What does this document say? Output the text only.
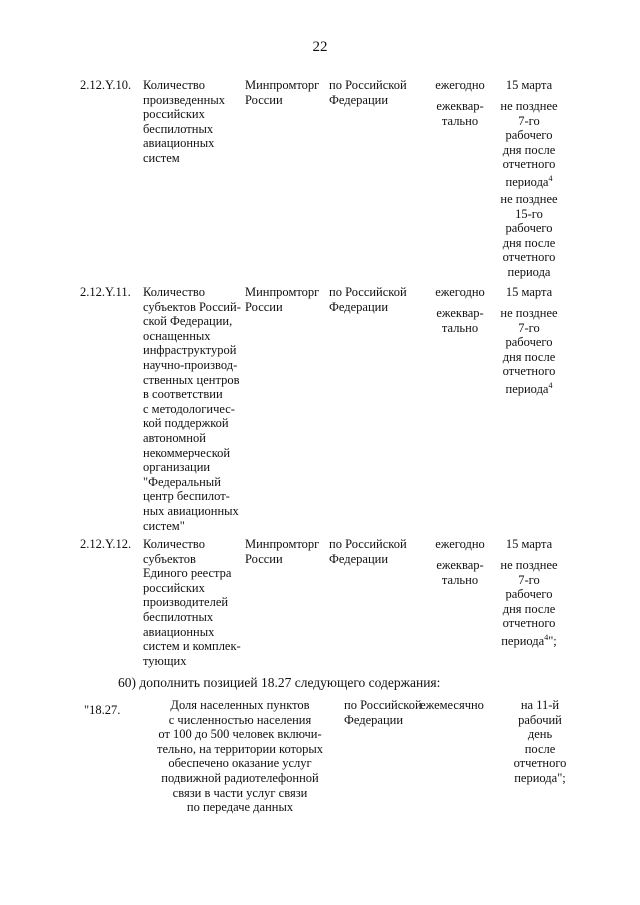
22
2.12.Y.10. Количество
произведенных
российских
беспилотных
авиационных
систем
Минпромторг
России
по Российской
Федерации
ежегодно
ежеквар-
тально
15 марта
не позднее
7-го
рабочего
дня после
отчетного
периода$^4$
не позднее
15-го
рабочего
дня после
отчетного
периода
2.12.Y.11. Количество
субъектов Россий-
ской Федерации,
оснащенных
инфраструктурой
научно-производ-
ственных центров
в соответствии
с методологичес-
кой поддержкой
автономной
некоммерческой
организации
"Федеральный
центр беспилот-
ных авиационных
систем"
Минпромторг
России
по Российской
Федерации
ежегодно
ежеквар-
тально
15 марта
не позднее
7-го
рабочего
дня после
отчетного
периода$^4$
2.12.Y.12. Количество
субъектов
Единого реестра
российских
производителей
беспилотных
авиационных
систем и комплек-
тующих
Минпромторг
России
по Российской
Федерации
ежегодно
ежеквар-
тально
15 марта
не позднее
7-го
рабочего
дня после
отчетного
периода$^4$";
"18.27.	Доля населенных пунктов
с численностью населения
от 100 до 500 человек включи-
тельно, на территории которых
обеспечено оказание услуг
подвижной радиотелефонной
связи в части услуг связи
по передаче данных
по Российской
Федерации
ежемесячно	на 11-й
рабочий
день
после
отчетного
периода";
60) дополнить позицией 18.27 следующего содержания:
